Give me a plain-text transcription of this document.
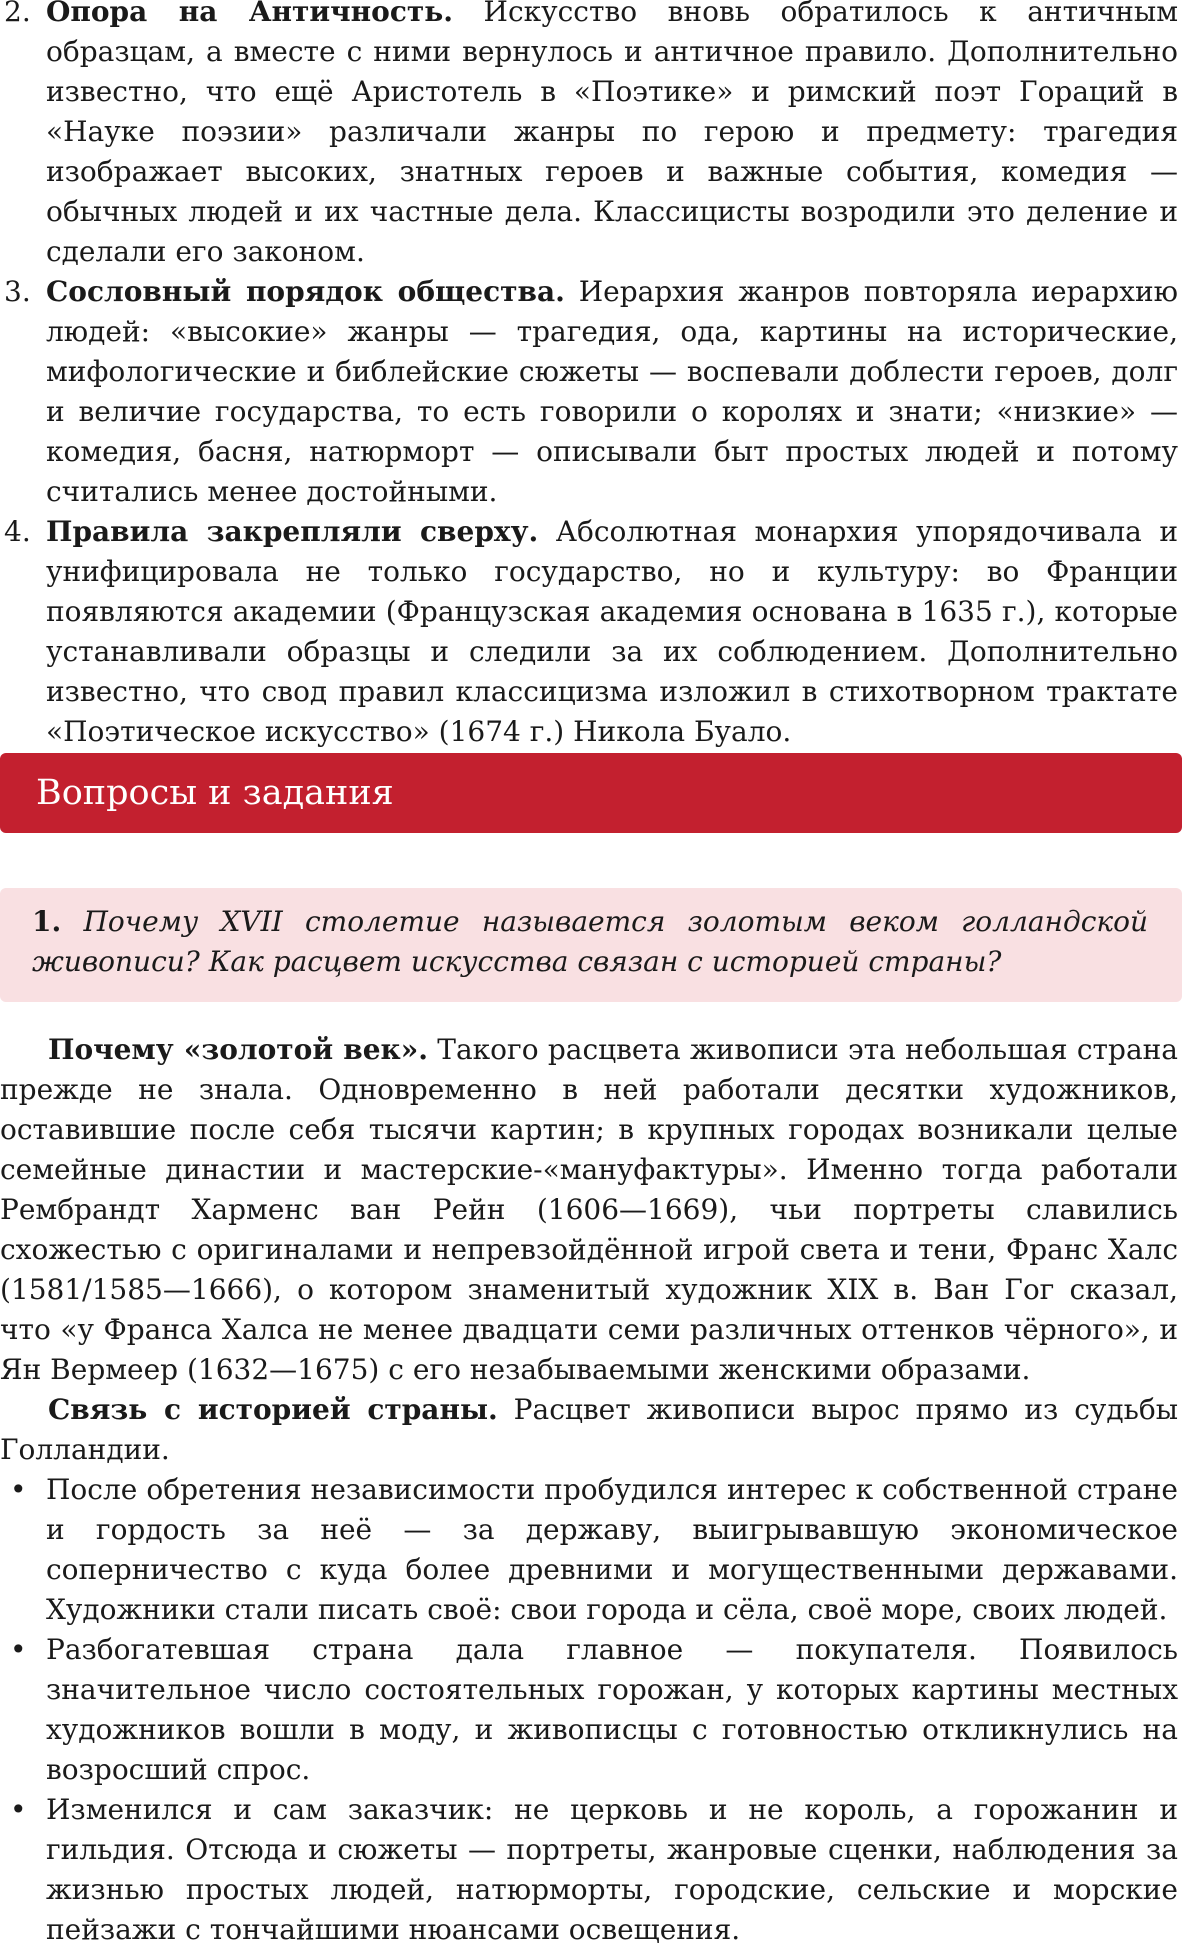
2. Опора на Античность. Искусство вновь обратилось к античным образцам, а вместе с ними вернулось и античное правило. Дополнительно известно, что ещё Аристотель в «Поэтике» и римский поэт Гораций в «Науке поэзии» различали жанры по герою и предмету: трагедия изображает высоких, знатных героев и важные события, комедия — обычных людей и их частные дела. Классицисты возродили это деление и сделали его законом.
3. Сословный порядок общества. Иерархия жанров повторяла иерархию людей: «высокие» жанры — трагедия, ода, картины на исторические, мифологические и библейские сюжеты — воспевали доблести героев, долг и величие государства, то есть говорили о королях и знати; «низкие» — комедия, басня, натюрморт — описывали быт простых людей и потому считались менее достойными.
4. Правила закрепляли сверху. Абсолютная монархия упорядочивала и унифицировала не только государство, но и культуру: во Франции появляются академии (Французская академия основана в 1635 г.), которые устанавливали образцы и следили за их соблюдением. Дополнительно известно, что свод правил классицизма изложил в стихотворном трактате «Поэтическое искусство» (1674 г.) Никола Буало.
Вопросы и задания
1. Почему XVII столетие называется золотым веком голландской живописи? Как расцвет искусства связан с историей страны?
Почему «золотой век». Такого расцвета живописи эта небольшая страна прежде не знала. Одновременно в ней работали десятки художников, оставившие после себя тысячи картин; в крупных городах возникали целые семейные династии и мастерские-«мануфактуры». Именно тогда работали Рембрандт Харменс ван Рейн (1606—1669), чьи портреты славились схожестью с оригиналами и непревзойдённой игрой света и тени, Франс Халс (1581/1585—1666), о котором знаменитый художник XIX в. Ван Гог сказал, что «у Франса Халса не менее двадцати семи различных оттенков чёрного», и Ян Вермеер (1632—1675) с его незабываемыми женскими образами.
Связь с историей страны. Расцвет живописи вырос прямо из судьбы Голландии.
• После обретения независимости пробудился интерес к собственной стране и гордость за неё — за державу, выигрывавшую экономическое соперничество с куда более древними и могущественными державами. Художники стали писать своё: свои города и сёла, своё море, своих людей.
• Разбогатевшая страна дала главное — покупателя. Появилось значительное число состоятельных горожан, у которых картины местных художников вошли в моду, и живописцы с готовностью откликнулись на возросший спрос.
• Изменился и сам заказчик: не церковь и не король, а горожанин и гильдия. Отсюда и сюжеты — портреты, жанровые сценки, наблюдения за жизнью простых людей, натюрморты, городские, сельские и морские пейзажи с тончайшими нюансами освещения.
